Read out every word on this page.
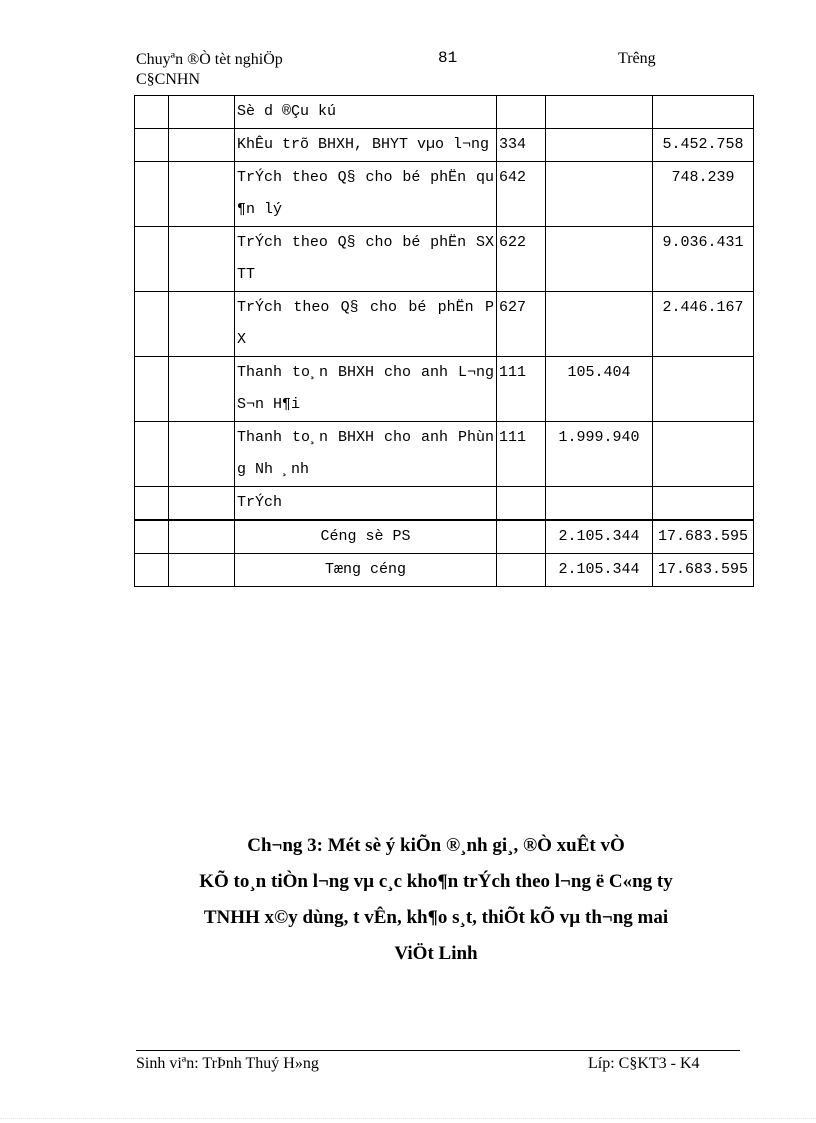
Chuyªn ®Ò tèt nghiÖp
C§CNHN
81	Trêng
		Sè d ®Çu kú			
		KhÊu trõ BHXH, BHYT vµo l¬ng	334		5.452.758
		TrÝch theo Q§ cho bé phËn qu¶n lý	642		748.239
		TrÝch theo Q§ cho bé phËn SXTT	622		9.036.431
		TrÝch theo Q§ cho bé phËn P X	627		2.446.167
		Thanh to¸n BHXH cho anh L¬ng S¬n H¶i	111	105.404	
		Thanh to¸n BHXH cho anh Phùng Nh ¸nh	111	1.999.940	
		TrÝch			

		Céng sè PS		2.105.344	17.683.595
		Tæng céng		2.105.344	17.683.595
Ch¬ng 3: Mét sè ý kiÕn ®¸nh gi¸, ®Ò xuÊt vÒ
KÕ to¸n tiÒn l¬ng vµ c¸c kho¶n trÝch theo l¬ng ë C«ng ty
TNHH x©y dùng, t vÊn, kh¶o s¸t, thiÕt kÕ vµ th¬ng mai
ViÖt Linh
Sinh viªn: TrÞnh Thuý H»ng	Líp: C§KT3 - K4
